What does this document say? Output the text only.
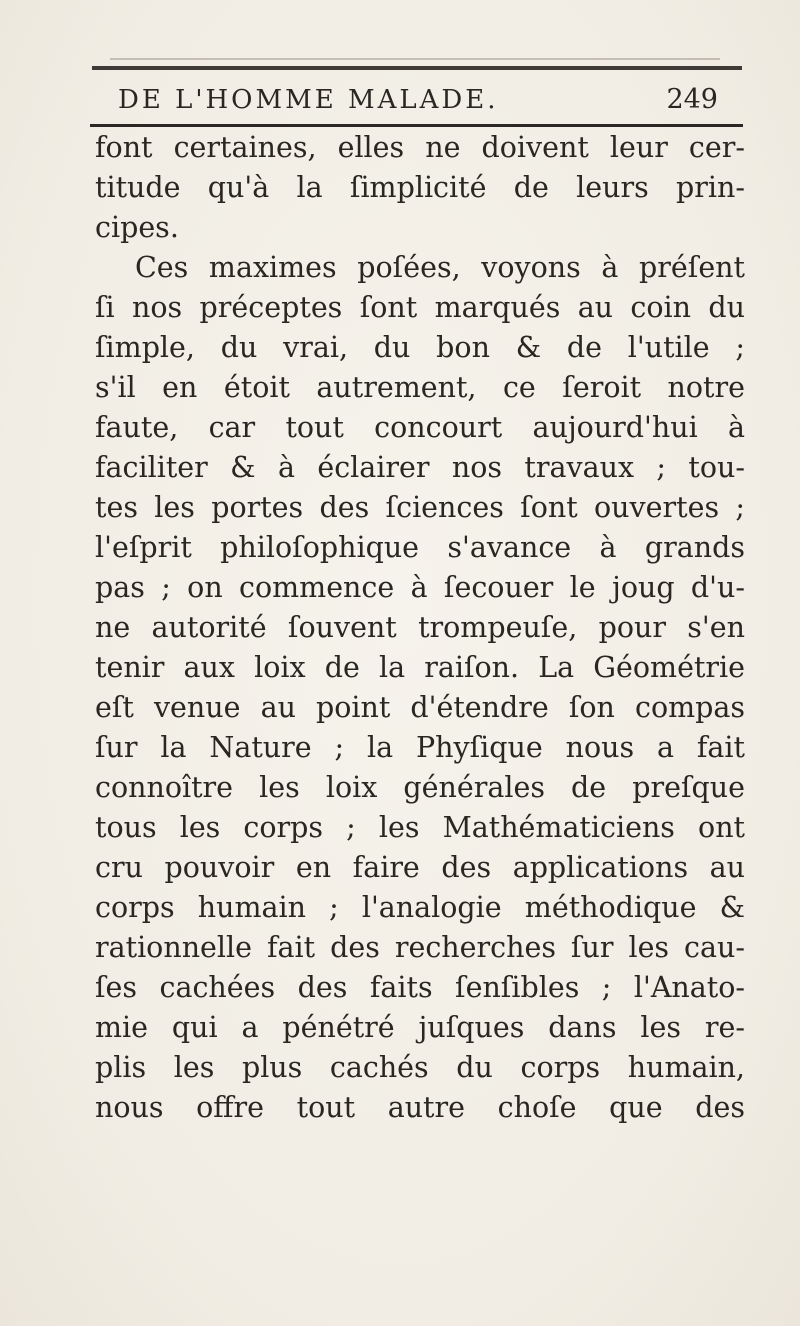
DE L'HOMME MALADE.	249
font certaines, elles ne doivent leur cer-
titude qu'à la ſimplicité de leurs prin-
cipes.
Ces maximes poſées, voyons à préſent
ſi nos préceptes ſont marqués au coin du
ſimple, du vrai, du bon & de l'utile ;
s'il en étoit autrement, ce ſeroit notre
faute, car tout concourt aujourd'hui à
faciliter & à éclairer nos travaux ; tou-
tes les portes des ſciences ſont ouvertes ;
l'eſprit philoſophique s'avance à grands
pas ; on commence à ſecouer le joug d'u-
ne autorité ſouvent trompeuſe, pour s'en
tenir aux loix de la raiſon. La Géométrie
eſt venue au point d'étendre ſon compas
ſur la Nature ; la Phyſique nous a fait
connoître les loix générales de preſque
tous les corps ; les Mathématiciens ont
cru pouvoir en faire des applications au
corps humain ; l'analogie méthodique &
rationnelle fait des recherches ſur les cau-
ſes cachées des faits ſenſibles ; l'Anato-
mie qui a pénétré juſques dans les re-
plis les plus cachés du corps humain,
nous offre tout autre choſe que des
